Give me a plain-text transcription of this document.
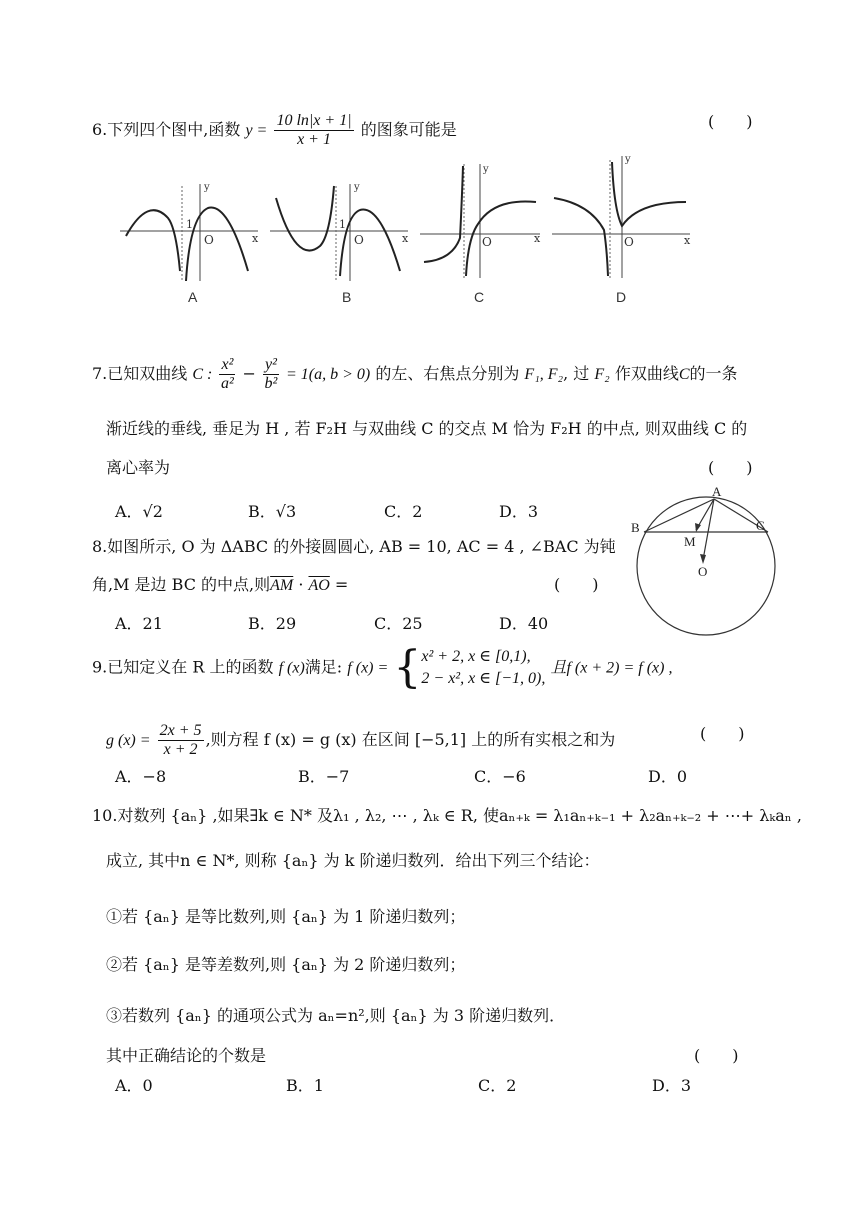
6.下列四个图中,函数 $y = \frac{10 \ln|x + 1|}{x + 1}$ 的图象可能是	(  )
1
O	x
y
A
1
O	x
y
B
O	x
y
C
O	x
y
D
7.已知双曲线 C : $\frac{\text{x²}}{\text{a²}} - \frac{\text{y²}}{\text{b²}} = 1(a$, b > 0) 的左、右焦点分别为 F₁, F₂, 过 F₂ 作双曲线C的一条
渐近线的垂线, 垂足为 H , 若 F₂H 与双曲线 C 的交点 M 恰为 F₂H 的中点, 则双曲线 C 的
离心率为	(  )
A．√2	B．√3	C．2	D．3
8.如图所示, O 为 ΔABC 的外接圆圆心, AB = 10, AC = 4 , ∠BAC 为钝
角,M 是边 BC 的中点,则$\overline{AM} \cdot \overline{AO}$ =	(  )
A．21	B．29	C．25	D．40
A
B	C
M
O
9.已知定义在 R 上的函数 f (x)满足: f (x) = { x² + 2, x ∈ [0,1),
2 − x², x ∈ [−1, 0),
且f (x + 2) = f (x) ,
g $(x) = \frac{2x + 5}{x + 2}$ ,则方程 f (x) = g (x) 在区间 [−5,1] 上的所有实根之和为	(  )
A．−8	B．−7	C．−6	D．0
10.对数列 {aₙ} ,如果∃k ∈ N* 及λ₁ , λ₂, ⋯ , λₖ ∈ R, 使aₙ₊ₖ = λ₁aₙ₊ₖ₋₁ + λ₂aₙ₊ₖ₋₂ + ⋯+ λₖaₙ ,
成立, 其中n ∈ N*, 则称 {aₙ} 为 k 阶递归数列．给出下列三个结论：
①若 {aₙ} 是等比数列,则 {aₙ} 为 1 阶递归数列；
②若 {aₙ} 是等差数列,则 {aₙ} 为 2 阶递归数列；
③若数列 {aₙ} 的通项公式为 aₙ=n²,则 {aₙ} 为 3 阶递归数列．
其中正确结论的个数是	(  )
A．0	B．1	C．2	D．3
